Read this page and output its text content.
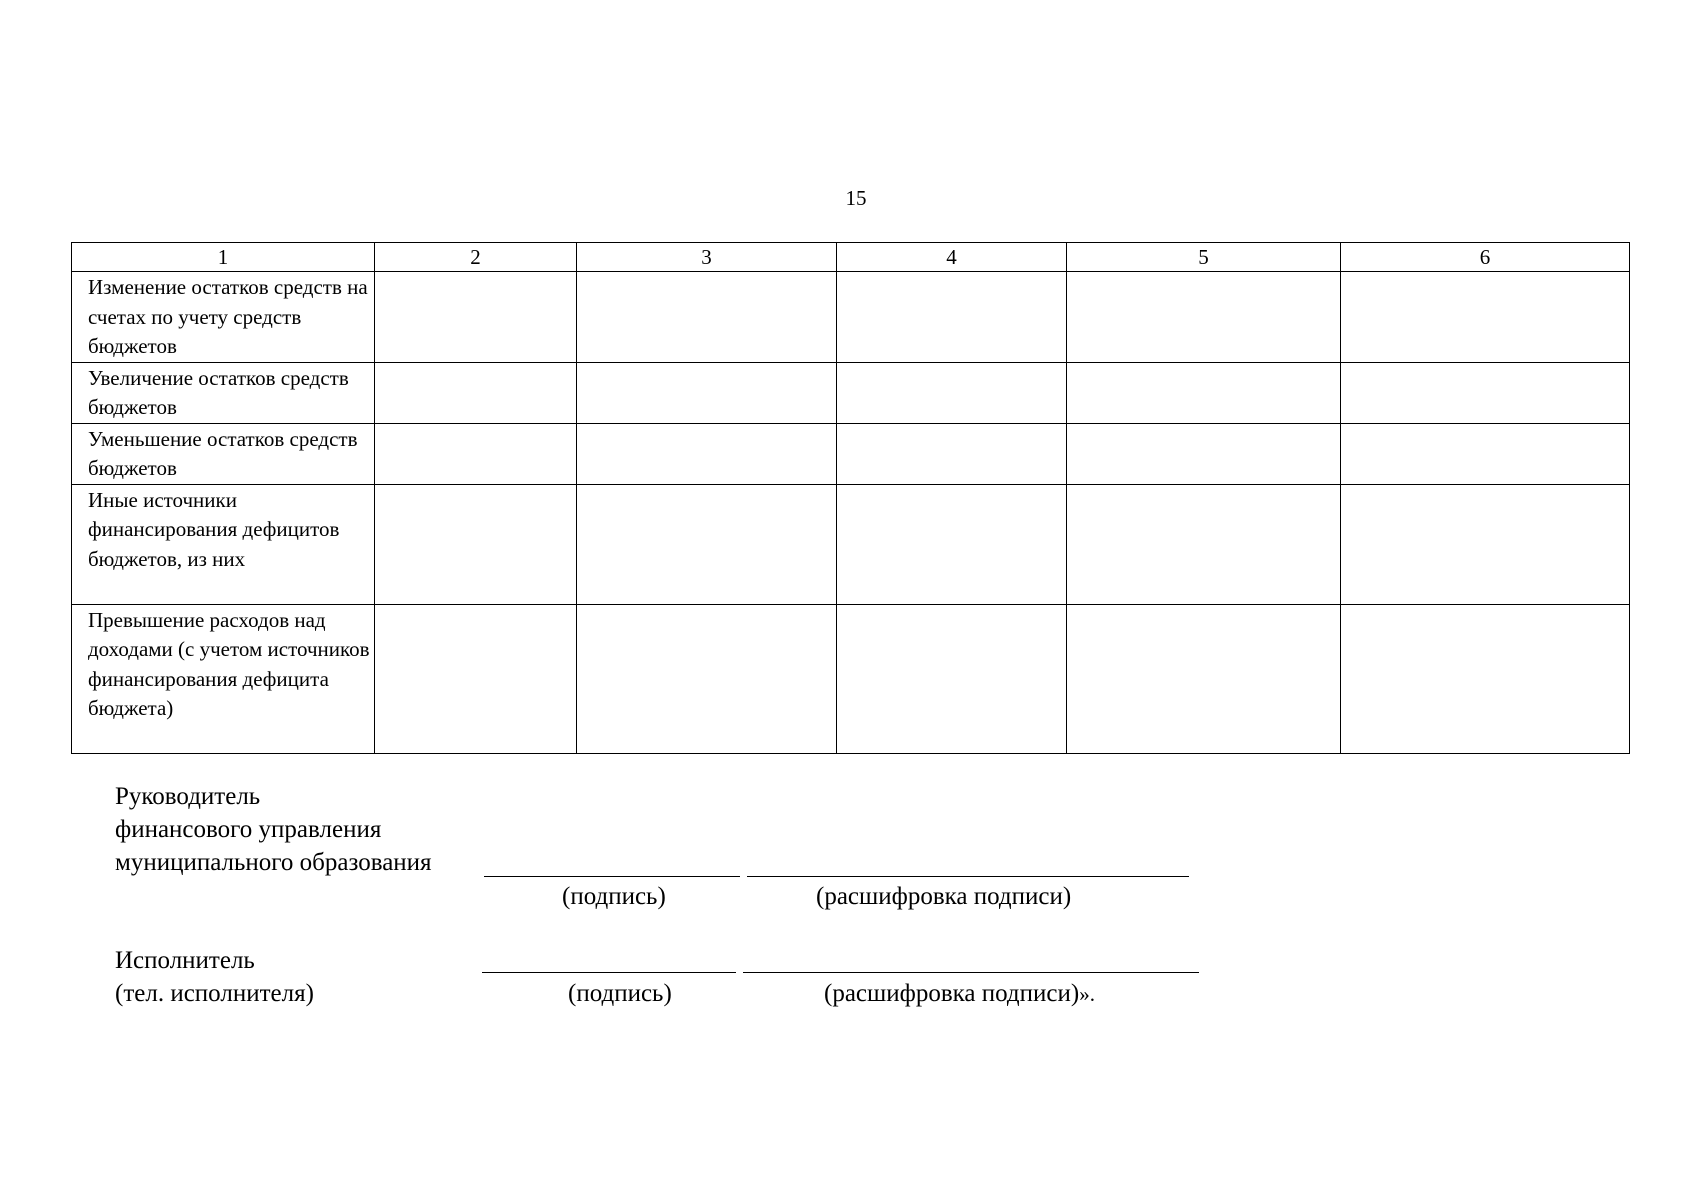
15
1	2	3	4	5	6
Изменение остатков средств на счетах по учету средств бюджетов					
Увеличение остатков средств бюджетов					
Уменьшение остатков средств бюджетов					
Иные источники финансирования дефицитов бюджетов, из них					
Превышение расходов над доходами (с учетом источников финансирования дефицита бюджета)					
Руководитель
финансового управления
муниципального образования
(подпись)	(расшифровка подписи)
Исполнитель
(тел. исполнителя)	(подпись)	(расшифровка подписи)».
